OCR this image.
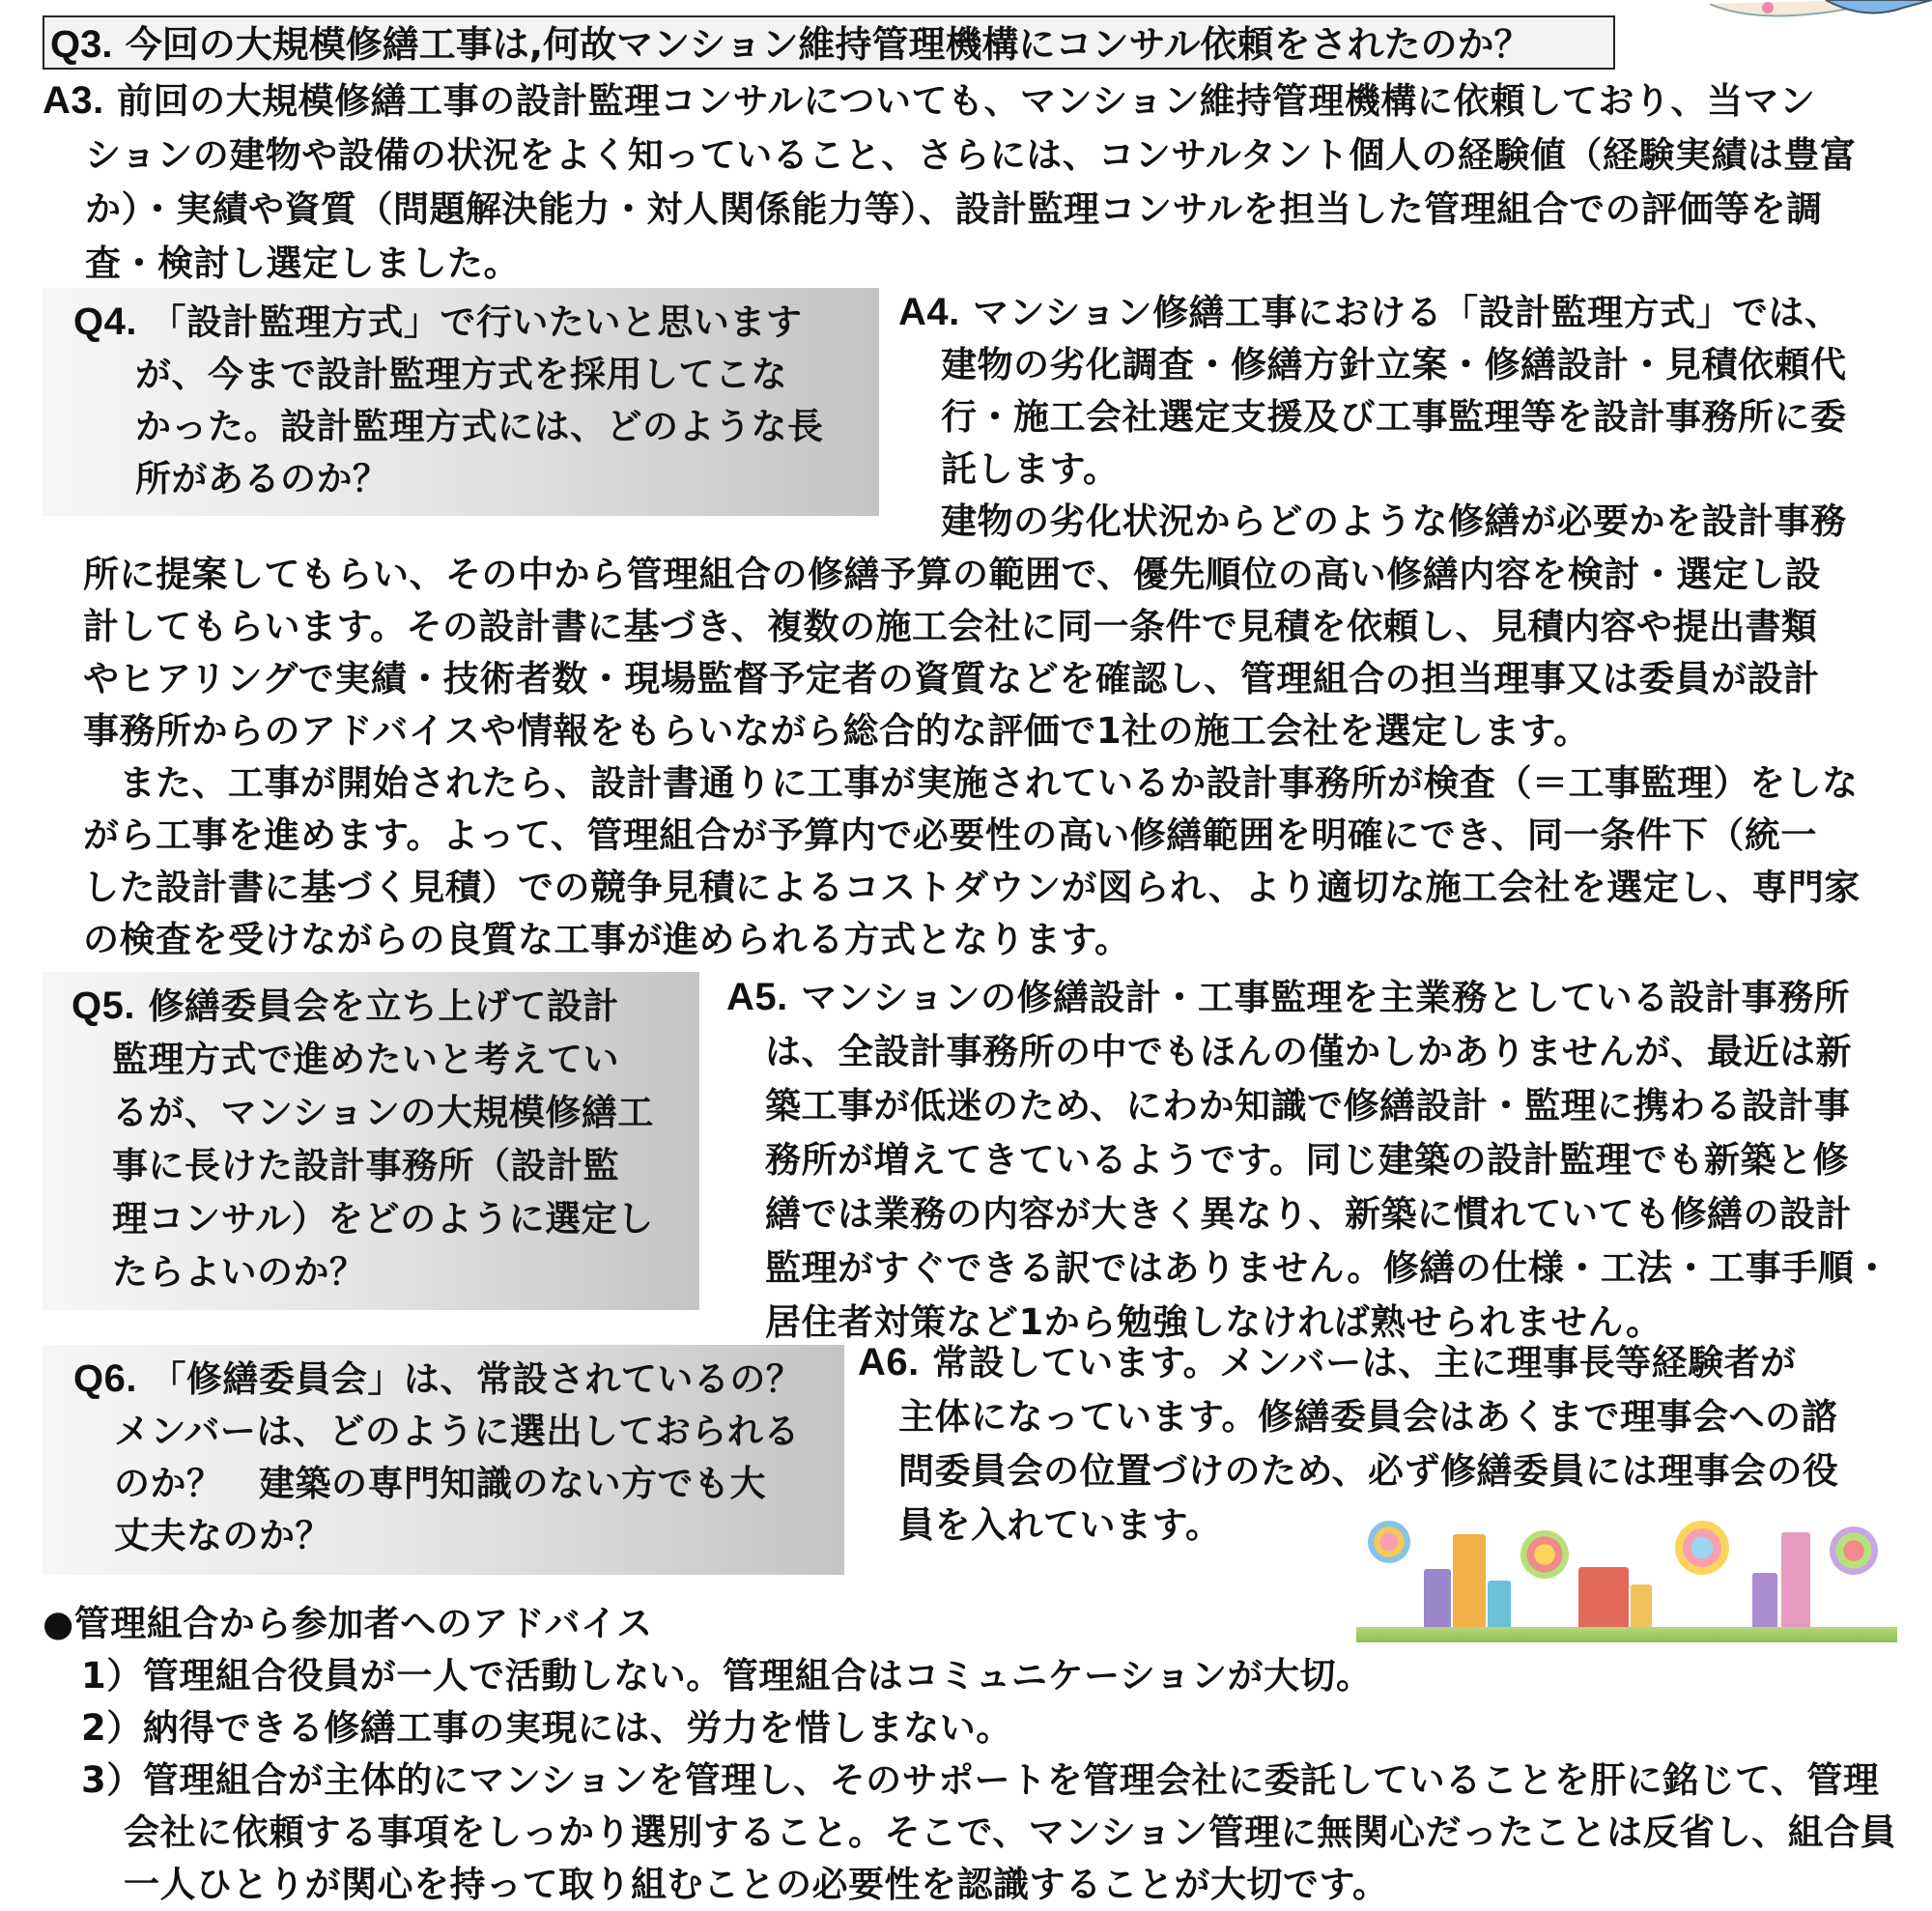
Q3. 今回の大規模修繕工事は,何故マンション維持管理機構にコンサル依頼をされたのか？

A3. 前回の大規模修繕工事の設計監理コンサルについても、マンション維持管理機構に依頼しており、当マン

ションの建物や設備の状況をよく知っていること、さらには、コンサルタント個人の経験値（経験実績は豊富

か）・実績や資質（問題解決能力・対人関係能力等）、設計監理コンサルを担当した管理組合での評価等を調

査・検討し選定しました。

Q4. 「設計監理方式」で行いたいと思います

が、今まで設計監理方式を採用してこな

かった。設計監理方式には、どのような長

所があるのか？

A4. マンション修繕工事における「設計監理方式」では、

建物の劣化調査・修繕方針立案・修繕設計・見積依頼代

行・施工会社選定支援及び工事監理等を設計事務所に委

託します。

建物の劣化状況からどのような修繕が必要かを設計事務

所に提案してもらい、その中から管理組合の修繕予算の範囲で、優先順位の高い修繕内容を検討・選定し設

計してもらいます。その設計書に基づき、複数の施工会社に同一条件で見積を依頼し、見積内容や提出書類

やヒアリングで実績・技術者数・現場監督予定者の資質などを確認し、管理組合の担当理事又は委員が設計

事務所からのアドバイスや情報をもらいながら総合的な評価で1社の施工会社を選定します。

　また、工事が開始されたら、設計書通りに工事が実施されているか設計事務所が検査（＝工事監理）をしな

がら工事を進めます。よって、管理組合が予算内で必要性の高い修繕範囲を明確にでき、同一条件下（統一

した設計書に基づく見積）での競争見積によるコストダウンが図られ、より適切な施工会社を選定し、専門家

の検査を受けながらの良質な工事が進められる方式となります。

Q5. 修繕委員会を立ち上げて設計

監理方式で進めたいと考えてい

るが、マンションの大規模修繕工

事に長けた設計事務所（設計監

理コンサル）をどのように選定し

たらよいのか？

A5. マンションの修繕設計・工事監理を主業務としている設計事務所

は、全設計事務所の中でもほんの僅かしかありませんが、最近は新

築工事が低迷のため、にわか知識で修繕設計・監理に携わる設計事

務所が増えてきているようです。同じ建築の設計監理でも新築と修

繕では業務の内容が大きく異なり、新築に慣れていても修繕の設計

監理がすぐできる訳ではありません。修繕の仕様・工法・工事手順・

居住者対策など1から勉強しなければ熟せられません。

Q6. 「修繕委員会」は、常設されているの？

メンバーは、どのように選出しておられる

のか？　建築の専門知識のない方でも大

丈夫なのか？

A6. 常設しています。メンバーは、主に理事長等経験者が

主体になっています。修繕委員会はあくまで理事会への諮

問委員会の位置づけのため、必ず修繕委員には理事会の役

員を入れています。

●管理組合から参加者へのアドバイス

1）管理組合役員が一人で活動しない。管理組合はコミュニケーションが大切。

2）納得できる修繕工事の実現には、労力を惜しまない。

3）管理組合が主体的にマンションを管理し、そのサポートを管理会社に委託していることを肝に銘じて、管理

会社に依頼する事項をしっかり選別すること。そこで、マンション管理に無関心だったことは反省し、組合員

一人ひとりが関心を持って取り組むことの必要性を認識することが大切です。
